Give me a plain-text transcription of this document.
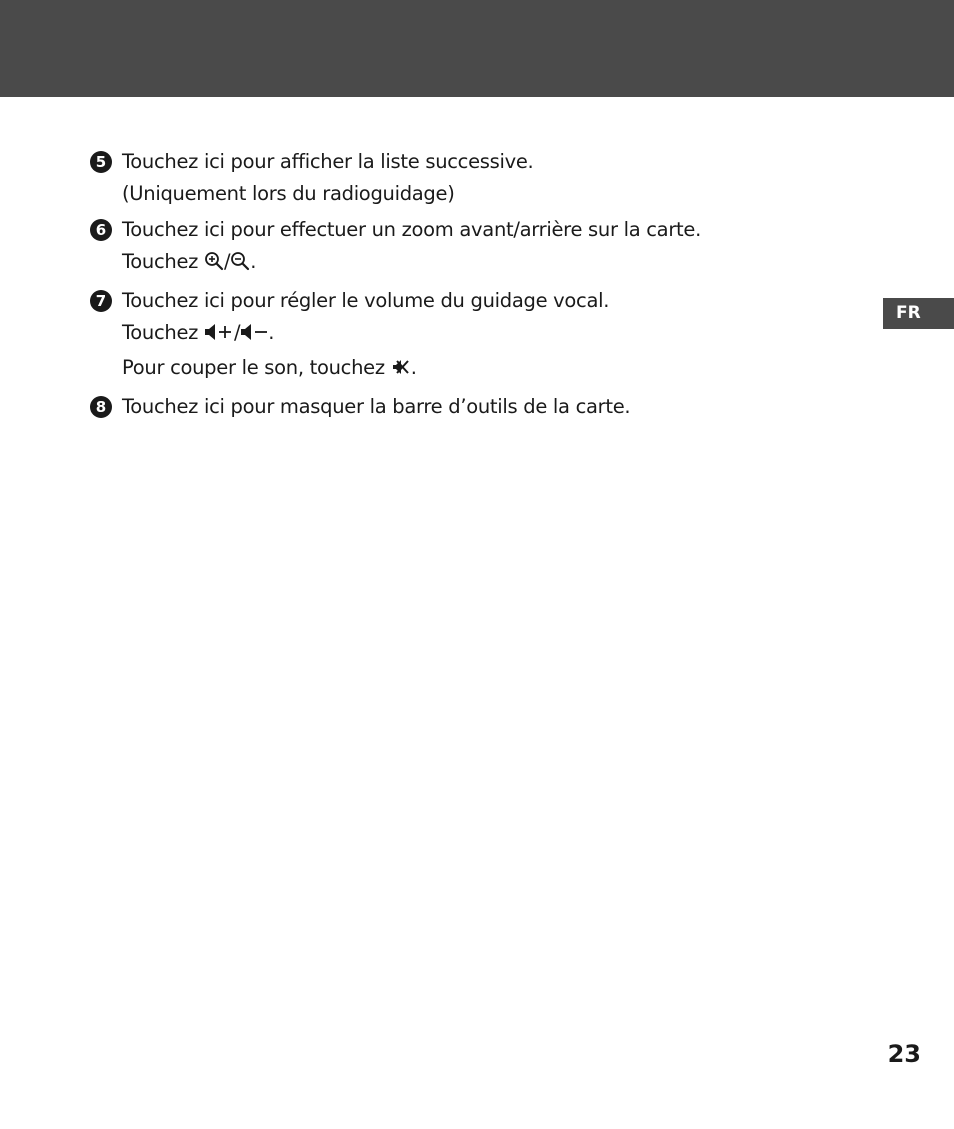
FR
5 Touchez ici pour afficher la liste successive.
(Uniquement lors du radioguidage)
6 Touchez ici pour effectuer un zoom avant/arrière sur la carte.
Touchez / .
7 Touchez ici pour régler le volume du guidage vocal.
Touchez / .
Pour couper le son, touchez .
8 Touchez ici pour masquer la barre d’outils de la carte.
23
